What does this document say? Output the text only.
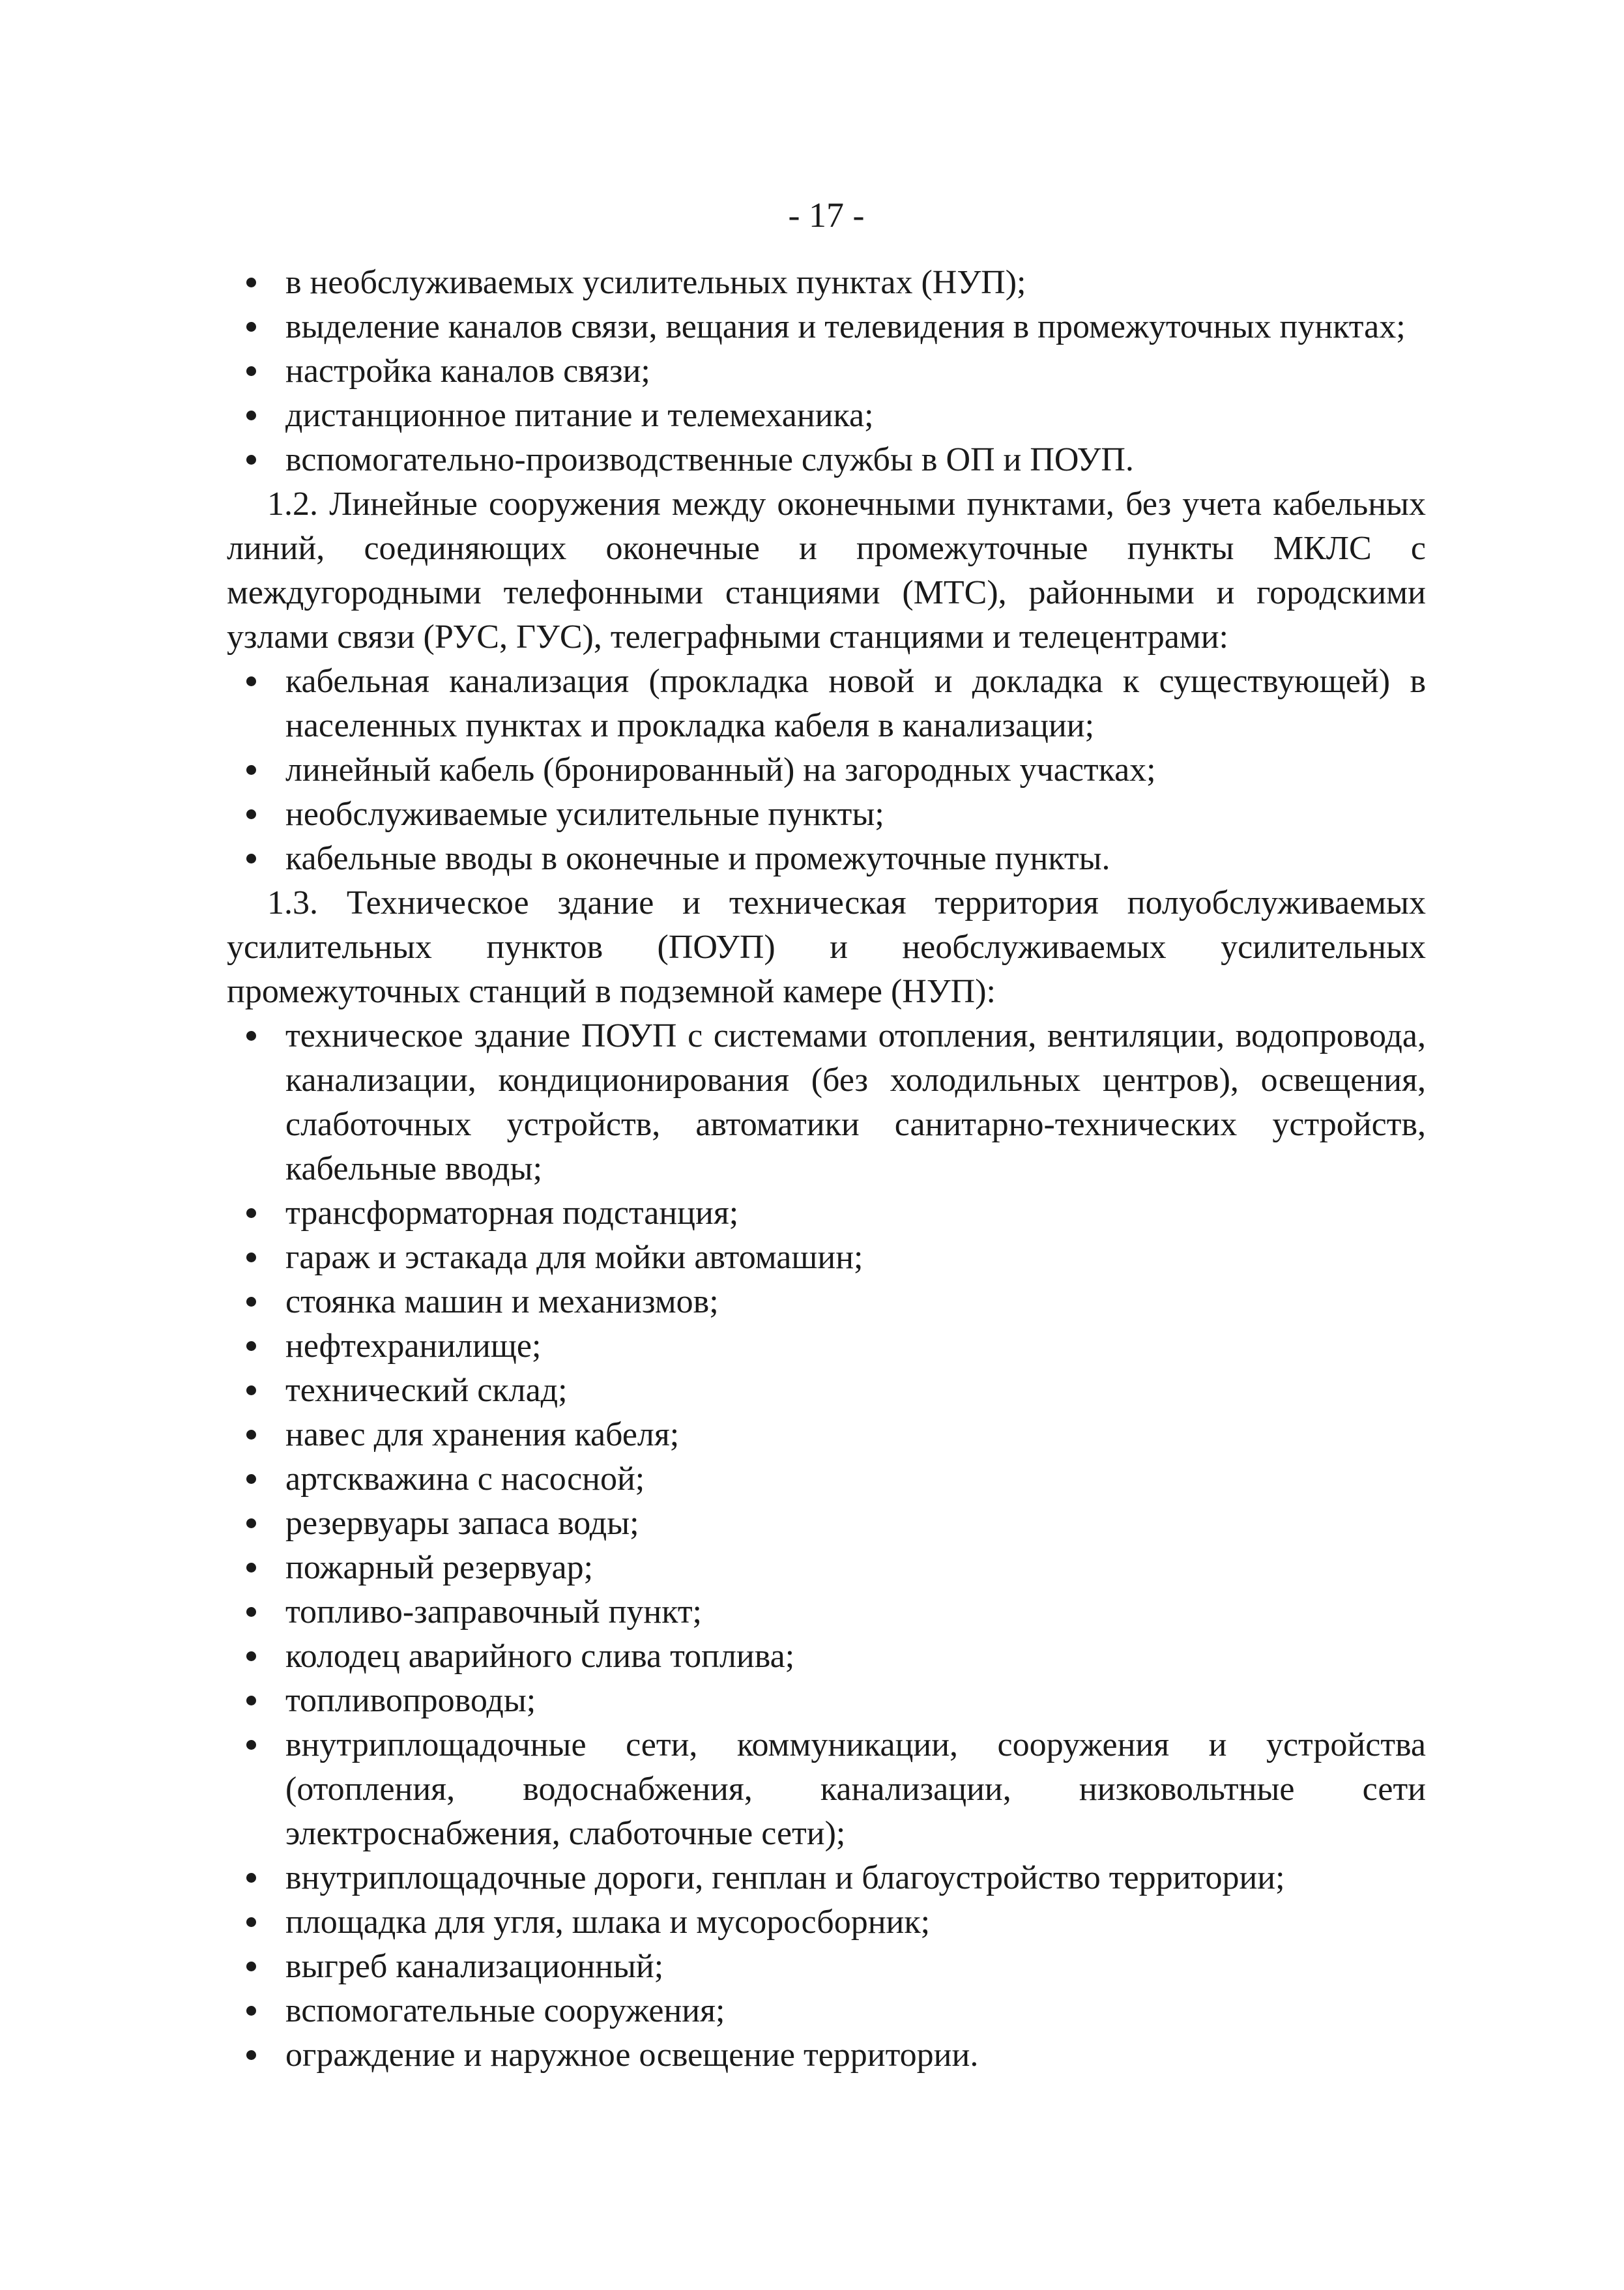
- 17 -
в необслуживаемых усилительных пунктах (НУП);
выделение каналов связи, вещания и телевидения в промежуточных пунктах;
настройка каналов связи;
дистанционное питание и телемеханика;
вспомогательно-производственные службы в ОП и ПОУП.

1.2. Линейные сооружения между оконечными пунктами, без учета кабельных линий, соединяющих оконечные и промежуточные пункты МКЛС с междугородными телефонными станциями (МТС), районными и городскими узлами связи (РУС, ГУС), телеграфными станциями и телецентрами:

кабельная канализация (прокладка новой и докладка к существующей) в населенных пунктах и прокладка кабеля в канализации;
линейный кабель (бронированный) на загородных участках;
необслуживаемые усилительные пункты;
кабельные вводы в оконечные и промежуточные пункты.

1.3. Техническое здание и техническая территория полуобслуживаемых усилительных пунктов (ПОУП) и необслуживаемых усилительных промежуточных станций в подземной камере (НУП):

техническое здание ПОУП с системами отопления, вентиляции, водопровода, канализации, кондиционирования (без холодильных центров), освещения, слаботочных устройств, автоматики санитарно-технических устройств, кабельные вводы;
трансформаторная подстанция;
гараж и эстакада для мойки автомашин;
стоянка машин и механизмов;
нефтехранилище;
технический склад;
навес для хранения кабеля;
артскважина с насосной;
резервуары запаса воды;
пожарный резервуар;
топливо-заправочный пункт;
колодец аварийного слива топлива;
топливопроводы;
внутриплощадочные сети, коммуникации, сооружения и устройства (отопления, водоснабжения, канализации, низковольтные сети электроснабжения, слаботочные сети);
внутриплощадочные дороги, генплан и благоустройство территории;
площадка для угля, шлака и мусоросборник;
выгреб канализационный;
вспомогательные сооружения;
ограждение и наружное освещение территории.
